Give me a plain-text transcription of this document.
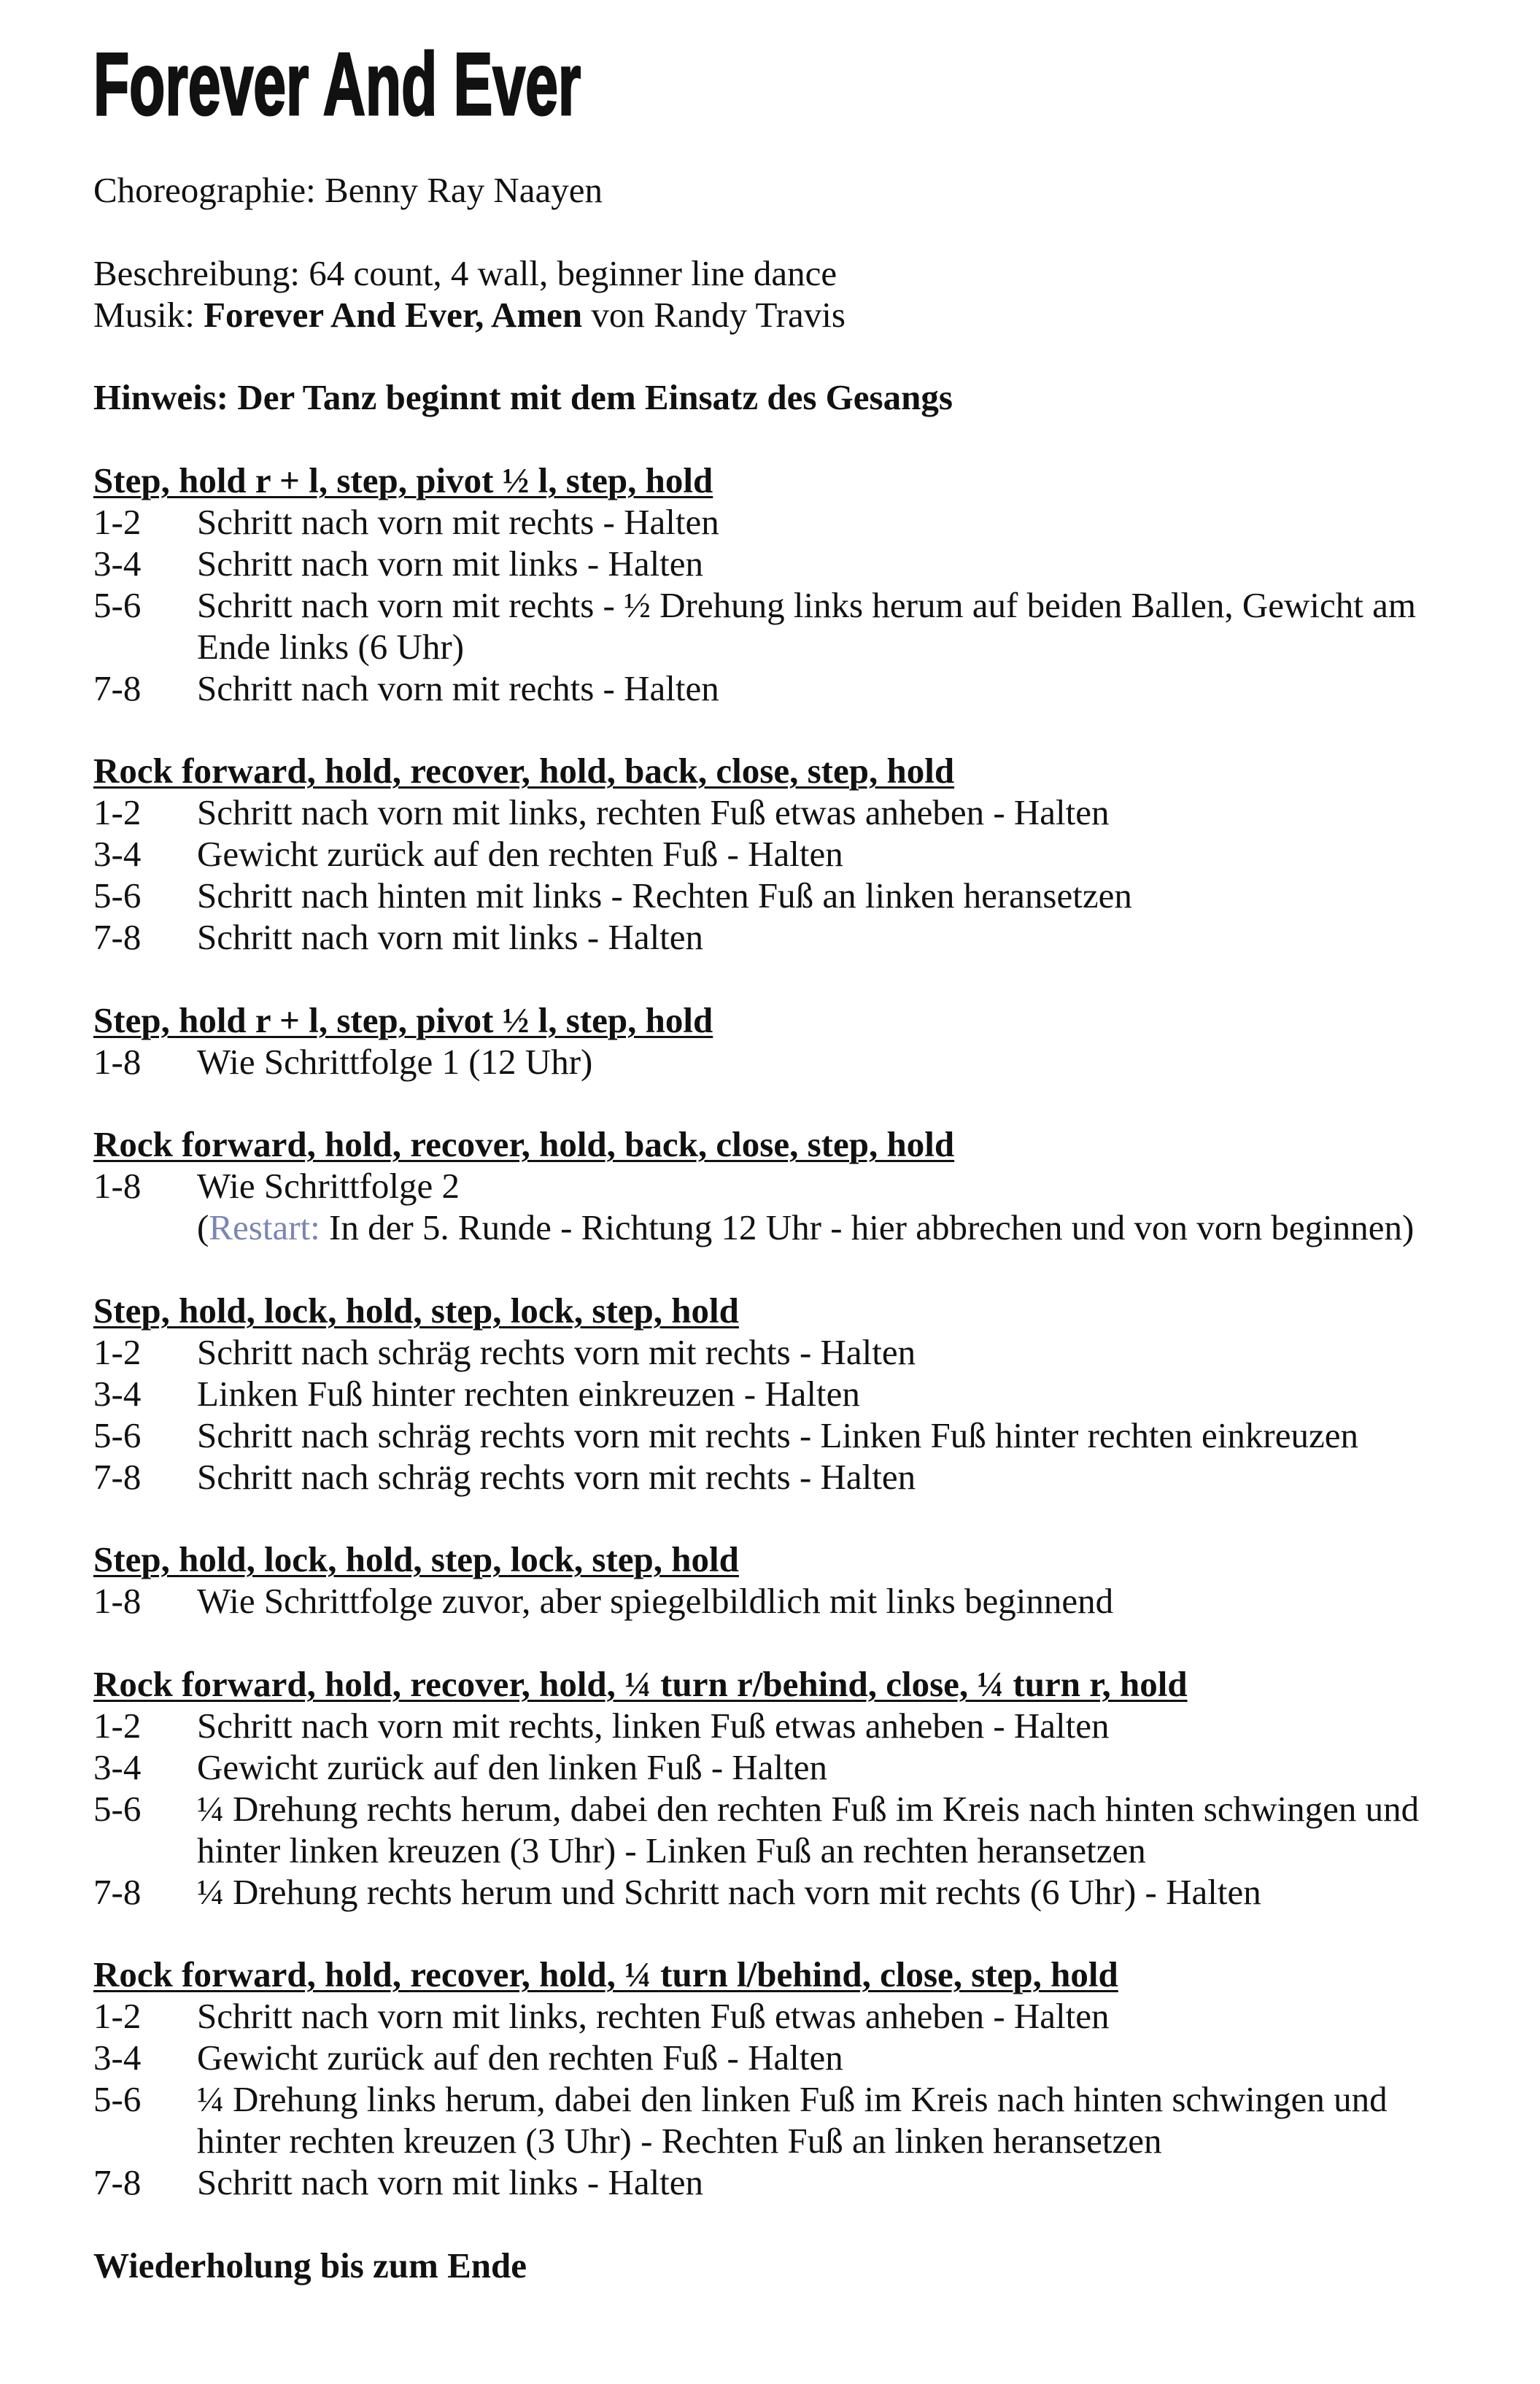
Forever And Ever
Choreographie: Benny Ray Naayen
Beschreibung: 64 count, 4 wall, beginner line dance
Musik: Forever And Ever, Amen von Randy Travis
Hinweis: Der Tanz beginnt mit dem Einsatz des Gesangs
Step, hold r + l, step, pivot ½ l, step, hold
1-2	Schritt nach vorn mit rechts - Halten
3-4	Schritt nach vorn mit links - Halten
5-6	Schritt nach vorn mit rechts - ½ Drehung links herum auf beiden Ballen, Gewicht am
Ende links (6 Uhr)
7-8	Schritt nach vorn mit rechts - Halten
Rock forward, hold, recover, hold, back, close, step, hold
1-2	Schritt nach vorn mit links, rechten Fuß etwas anheben - Halten
3-4	Gewicht zurück auf den rechten Fuß - Halten
5-6	Schritt nach hinten mit links - Rechten Fuß an linken heransetzen
7-8	Schritt nach vorn mit links - Halten
Step, hold r + l, step, pivot ½ l, step, hold
1-8	Wie Schrittfolge 1 (12 Uhr)
Rock forward, hold, recover, hold, back, close, step, hold
1-8	Wie Schrittfolge 2
(Restart: In der 5. Runde - Richtung 12 Uhr - hier abbrechen und von vorn beginnen)
Step, hold, lock, hold, step, lock, step, hold
1-2	Schritt nach schräg rechts vorn mit rechts - Halten
3-4	Linken Fuß hinter rechten einkreuzen - Halten
5-6	Schritt nach schräg rechts vorn mit rechts - Linken Fuß hinter rechten einkreuzen
7-8	Schritt nach schräg rechts vorn mit rechts - Halten
Step, hold, lock, hold, step, lock, step, hold
1-8	Wie Schrittfolge zuvor, aber spiegelbildlich mit links beginnend
Rock forward, hold, recover, hold, ¼ turn r/behind, close, ¼ turn r, hold
1-2	Schritt nach vorn mit rechts, linken Fuß etwas anheben - Halten
3-4	Gewicht zurück auf den linken Fuß - Halten
5-6	¼ Drehung rechts herum, dabei den rechten Fuß im Kreis nach hinten schwingen und
hinter linken kreuzen (3 Uhr) - Linken Fuß an rechten heransetzen
7-8	¼ Drehung rechts herum und Schritt nach vorn mit rechts (6 Uhr) - Halten
Rock forward, hold, recover, hold, ¼ turn l/behind, close, step, hold
1-2	Schritt nach vorn mit links, rechten Fuß etwas anheben - Halten
3-4	Gewicht zurück auf den rechten Fuß - Halten
5-6	¼ Drehung links herum, dabei den linken Fuß im Kreis nach hinten schwingen und
hinter rechten kreuzen (3 Uhr) - Rechten Fuß an linken heransetzen
7-8	Schritt nach vorn mit links - Halten
Wiederholung bis zum Ende
